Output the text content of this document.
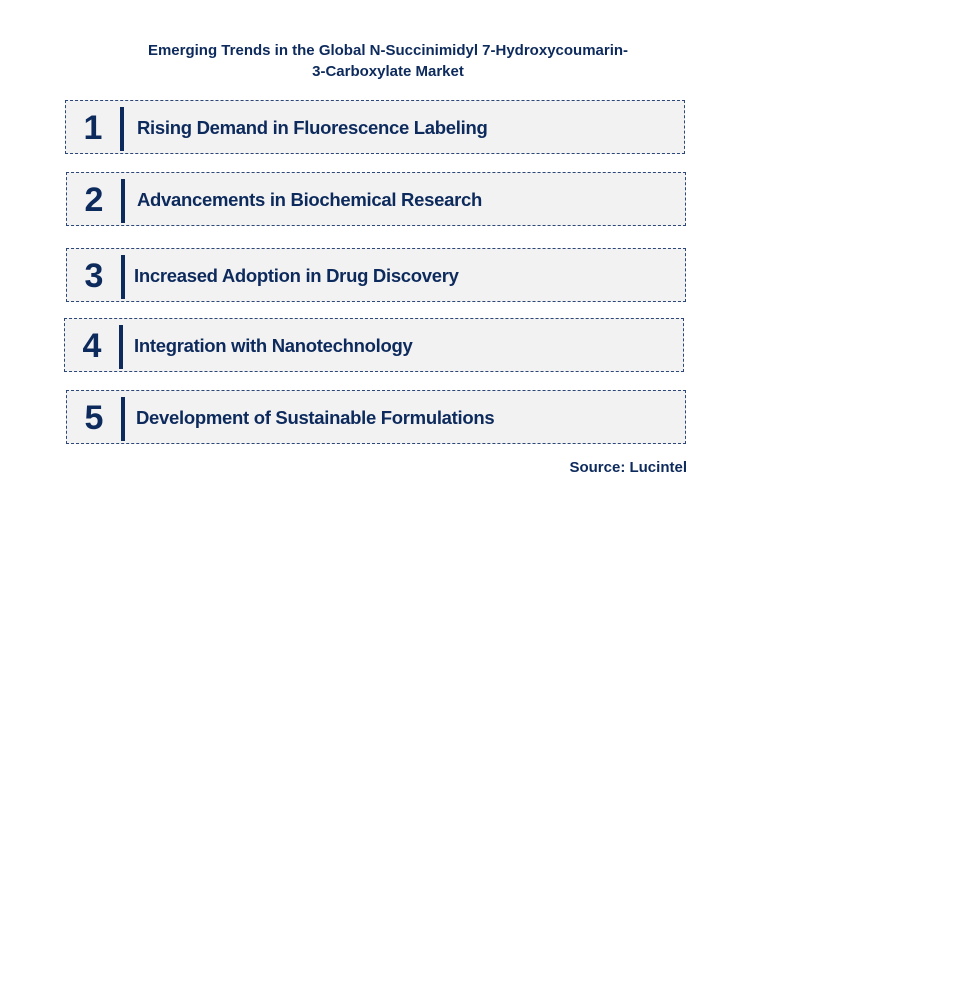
Emerging Trends in the Global N-Succinimidyl 7-Hydroxycoumarin-
3-Carboxylate Market
1	Rising Demand in Fluorescence Labeling
2	Advancements in Biochemical Research
3	Increased Adoption in Drug Discovery
4	Integration with Nanotechnology
5	Development of Sustainable Formulations
Source: Lucintel
